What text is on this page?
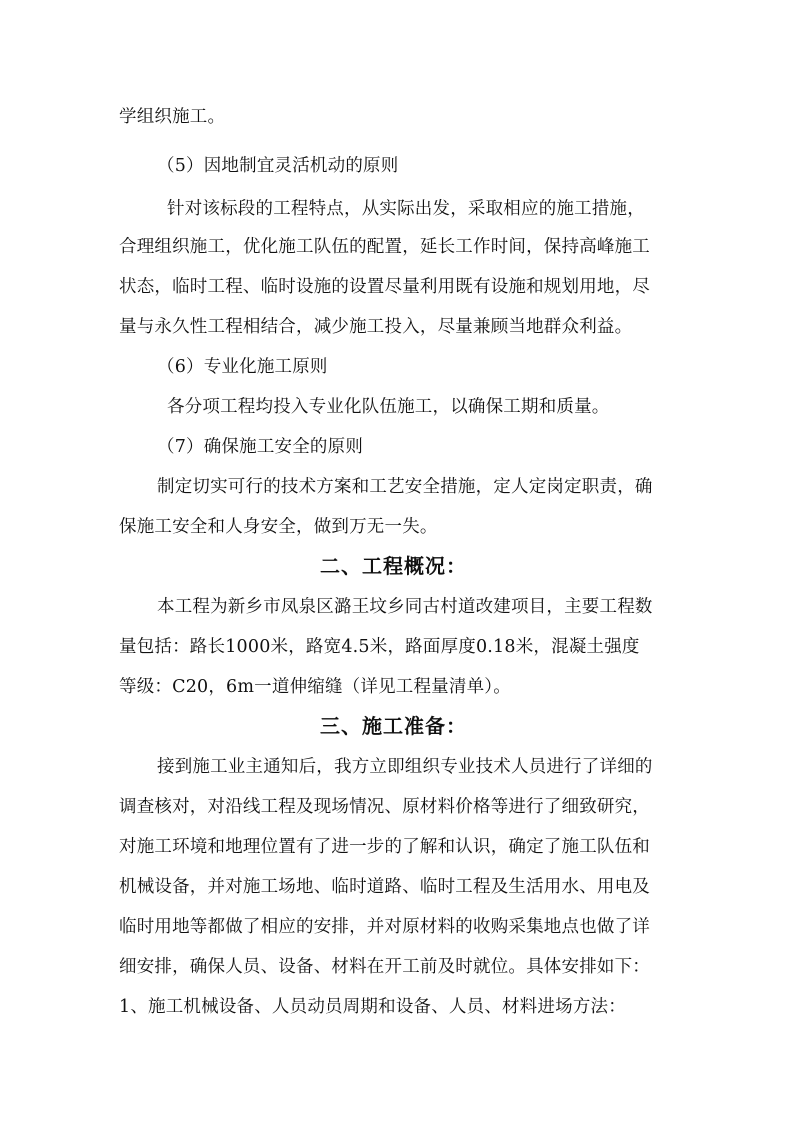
学组织施工。
（5）因地制宜灵活机动的原则
针对该标段的工程特点，从实际出发，采取相应的施工措施，
合理组织施工，优化施工队伍的配置，延长工作时间，保持高峰施工
状态，临时工程、临时设施的设置尽量利用既有设施和规划用地，尽
量与永久性工程相结合，减少施工投入，尽量兼顾当地群众利益。
（6）专业化施工原则
各分项工程均投入专业化队伍施工，以确保工期和质量。
（7）确保施工安全的原则
制定切实可行的技术方案和工艺安全措施，定人定岗定职责，确
保施工安全和人身安全，做到万无一失。
二、工程概况：
本工程为新乡市凤泉区潞王坟乡同古村道改建项目，主要工程数
量包括：路长1000米，路宽4.5米，路面厚度0.18米，混凝土强度
等级：C20，6m一道伸缩缝（详见工程量清单）。
三、施工准备：
接到施工业主通知后，我方立即组织专业技术人员进行了详细的
调查核对，对沿线工程及现场情况、原材料价格等进行了细致研究，
对施工环境和地理位置有了进一步的了解和认识，确定了施工队伍和
机械设备，并对施工场地、临时道路、临时工程及生活用水、用电及
临时用地等都做了相应的安排，并对原材料的收购采集地点也做了详
细安排，确保人员、设备、材料在开工前及时就位。具体安排如下：
1、施工机械设备、人员动员周期和设备、人员、材料进场方法：
